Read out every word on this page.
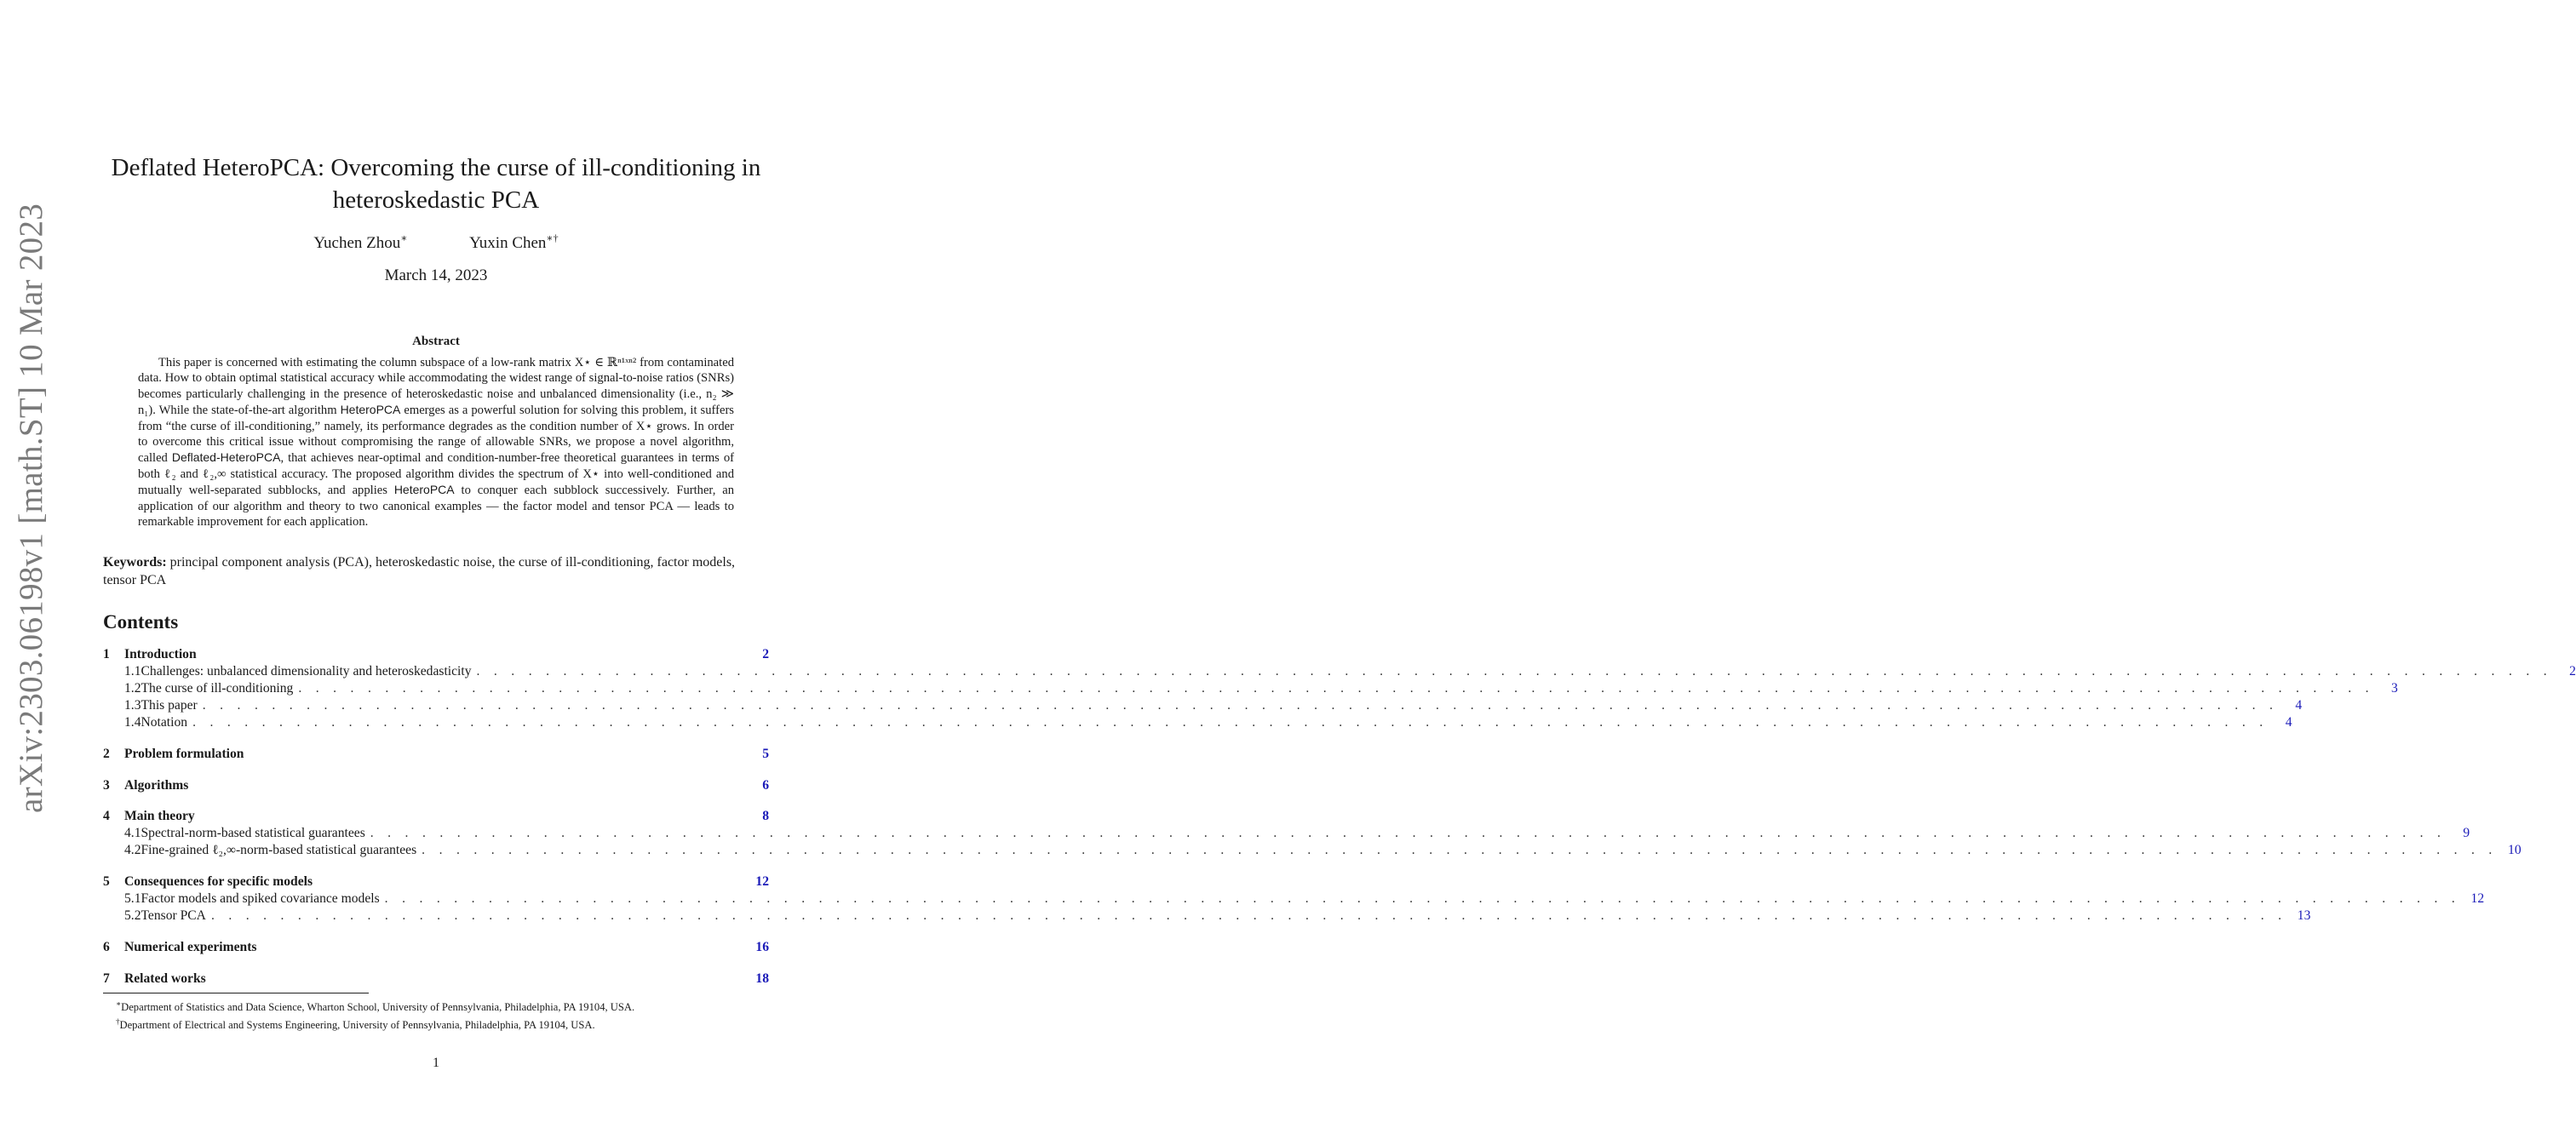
arXiv:2303.06198v1 [math.ST] 10 Mar 2023
Deflated HeteroPCA: Overcoming the curse of ill-conditioning in heteroskedastic PCA
Yuchen Zhou∗	Yuxin Chen∗†
March 14, 2023
Abstract
This paper is concerned with estimating the column subspace of a low-rank matrix X⋆ ∈ ℝⁿ¹ˣⁿ² from contaminated data. How to obtain optimal statistical accuracy while accommodating the widest range of signal-to-noise ratios (SNRs) becomes particularly challenging in the presence of heteroskedastic noise and unbalanced dimensionality (i.e., n₂ ≫ n₁). While the state-of-the-art algorithm HeteroPCA emerges as a powerful solution for solving this problem, it suffers from “the curse of ill-conditioning,” namely, its performance degrades as the condition number of X⋆ grows. In order to overcome this critical issue without compromising the range of allowable SNRs, we propose a novel algorithm, called Deflated-HeteroPCA, that achieves near-optimal and condition-number-free theoretical guarantees in terms of both ℓ₂ and ℓ₂,∞ statistical accuracy. The proposed algorithm divides the spectrum of X⋆ into well-conditioned and mutually well-separated subblocks, and applies HeteroPCA to conquer each subblock successively. Further, an application of our algorithm and theory to two canonical examples — the factor model and tensor PCA — leads to remarkable improvement for each application.
Keywords: principal component analysis (PCA), heteroskedastic noise, the curse of ill-conditioning, factor models, tensor PCA
Contents
1	Introduction	2
1.1 Challenges: unbalanced dimensionality and heteroskedasticity . . . . . . . . . . . . . . . . . . . . . . . . . . . . . . . . . . . . . . . . . . . . . . . . . . . . . . . . . . . . . . . . . . . . . . . . . . . . . . . . . . . . . . . . . . . . . . . . . . . . . . . . . . . . . . . . . . . . . . . .	2
1.2 The curse of ill-conditioning . . . . . . . . . . . . . . . . . . . . . . . . . . . . . . . . . . . . . . . . . . . . . . . . . . . . . . . . . . . . . . . . . . . . . . . . . . . . . . . . . . . . . . . . . . . . . . . . . . . . . . . . . . . . . . . . . . . . . . . .	3
1.3 This paper . . . . . . . . . . . . . . . . . . . . . . . . . . . . . . . . . . . . . . . . . . . . . . . . . . . . . . . . . . . . . . . . . . . . . . . . . . . . . . . . . . . . . . . . . . . . . . . . . . . . . . . . . . . . . . . . . . . . . . . .	4
1.4 Notation . . . . . . . . . . . . . . . . . . . . . . . . . . . . . . . . . . . . . . . . . . . . . . . . . . . . . . . . . . . . . . . . . . . . . . . . . . . . . . . . . . . . . . . . . . . . . . . . . . . . . . . . . . . . . . . . . . . . . . . .	4
2	Problem formulation	5
3	Algorithms	6
4	Main theory	8
4.1 Spectral-norm-based statistical guarantees . . . . . . . . . . . . . . . . . . . . . . . . . . . . . . . . . . . . . . . . . . . . . . . . . . . . . . . . . . . . . . . . . . . . . . . . . . . . . . . . . . . . . . . . . . . . . . . . . . . . . . . . . . . . . . . . . . . . . . . .	9
4.2 Fine-grained ℓ₂,∞-norm-based statistical guarantees . . . . . . . . . . . . . . . . . . . . . . . . . . . . . . . . . . . . . . . . . . . . . . . . . . . . . . . . . . . . . . . . . . . . . . . . . . . . . . . . . . . . . . . . . . . . . . . . . . . . . . . . . . . . . . . . . . . . . . . . 10
5	Consequences for specific models	12
5.1 Factor models and spiked covariance models . . . . . . . . . . . . . . . . . . . . . . . . . . . . . . . . . . . . . . . . . . . . . . . . . . . . . . . . . . . . . . . . . . . . . . . . . . . . . . . . . . . . . . . . . . . . . . . . . . . . . . . . . . . . . . . . . . . . . . . . 12
5.2 Tensor PCA . . . . . . . . . . . . . . . . . . . . . . . . . . . . . . . . . . . . . . . . . . . . . . . . . . . . . . . . . . . . . . . . . . . . . . . . . . . . . . . . . . . . . . . . . . . . . . . . . . . . . . . . . . . . . . . . . . . . . . . . 13
6	Numerical experiments	16
7	Related works	18
∗Department of Statistics and Data Science, Wharton School, University of Pennsylvania, Philadelphia, PA 19104, USA.
†Department of Electrical and Systems Engineering, University of Pennsylvania, Philadelphia, PA 19104, USA.
1
